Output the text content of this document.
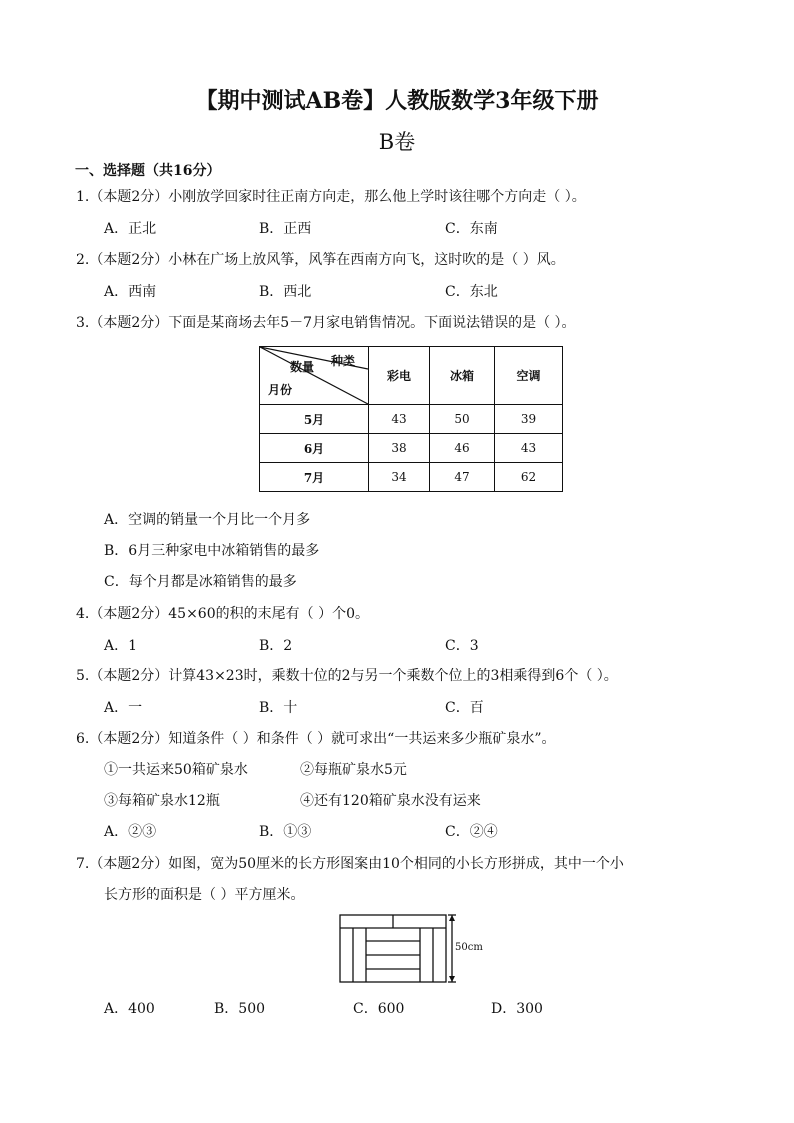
【期中测试AB卷】人教版数学3年级下册
B卷
一、选择题（共16分）
1.（本题2分）小刚放学回家时往正南方向走，那么他上学时该往哪个方向走（ ）。
A．正北	B．正西	C．东南
2.（本题2分）小林在广场上放风筝，风筝在西南方向飞，这时吹的是（ ）风。
A．西南	B．西北	C．东北
3.（本题2分）下面是某商场去年5－7月家电销售情况。下面说法错误的是（ ）。
种类
数量
月份	彩电	冰箱	空调
5月	43	50	39
6月	38	46	43
7月	34	47	62
A．空调的销量一个月比一个月多
B．6月三种家电中冰箱销售的最多
C．每个月都是冰箱销售的最多
4.（本题2分）45×60的积的末尾有（ ）个0。
A．1	B．2	C．3
5.（本题2分）计算43×23时，乘数十位的2与另一个乘数个位上的3相乘得到6个（ ）。
A．一	B．十	C．百
6.（本题2分）知道条件（ ）和条件（ ）就可求出“一共运来多少瓶矿泉水”。
①一共运来50箱矿泉水	②每瓶矿泉水5元
③每箱矿泉水12瓶	④还有120箱矿泉水没有运来
A．②③	B．①③	C．②④
7.（本题2分）如图，宽为50厘米的长方形图案由10个相同的小长方形拼成，其中一个小
长方形的面积是（ ）平方厘米。
50cm
A．400	B．500	C．600	D．300
